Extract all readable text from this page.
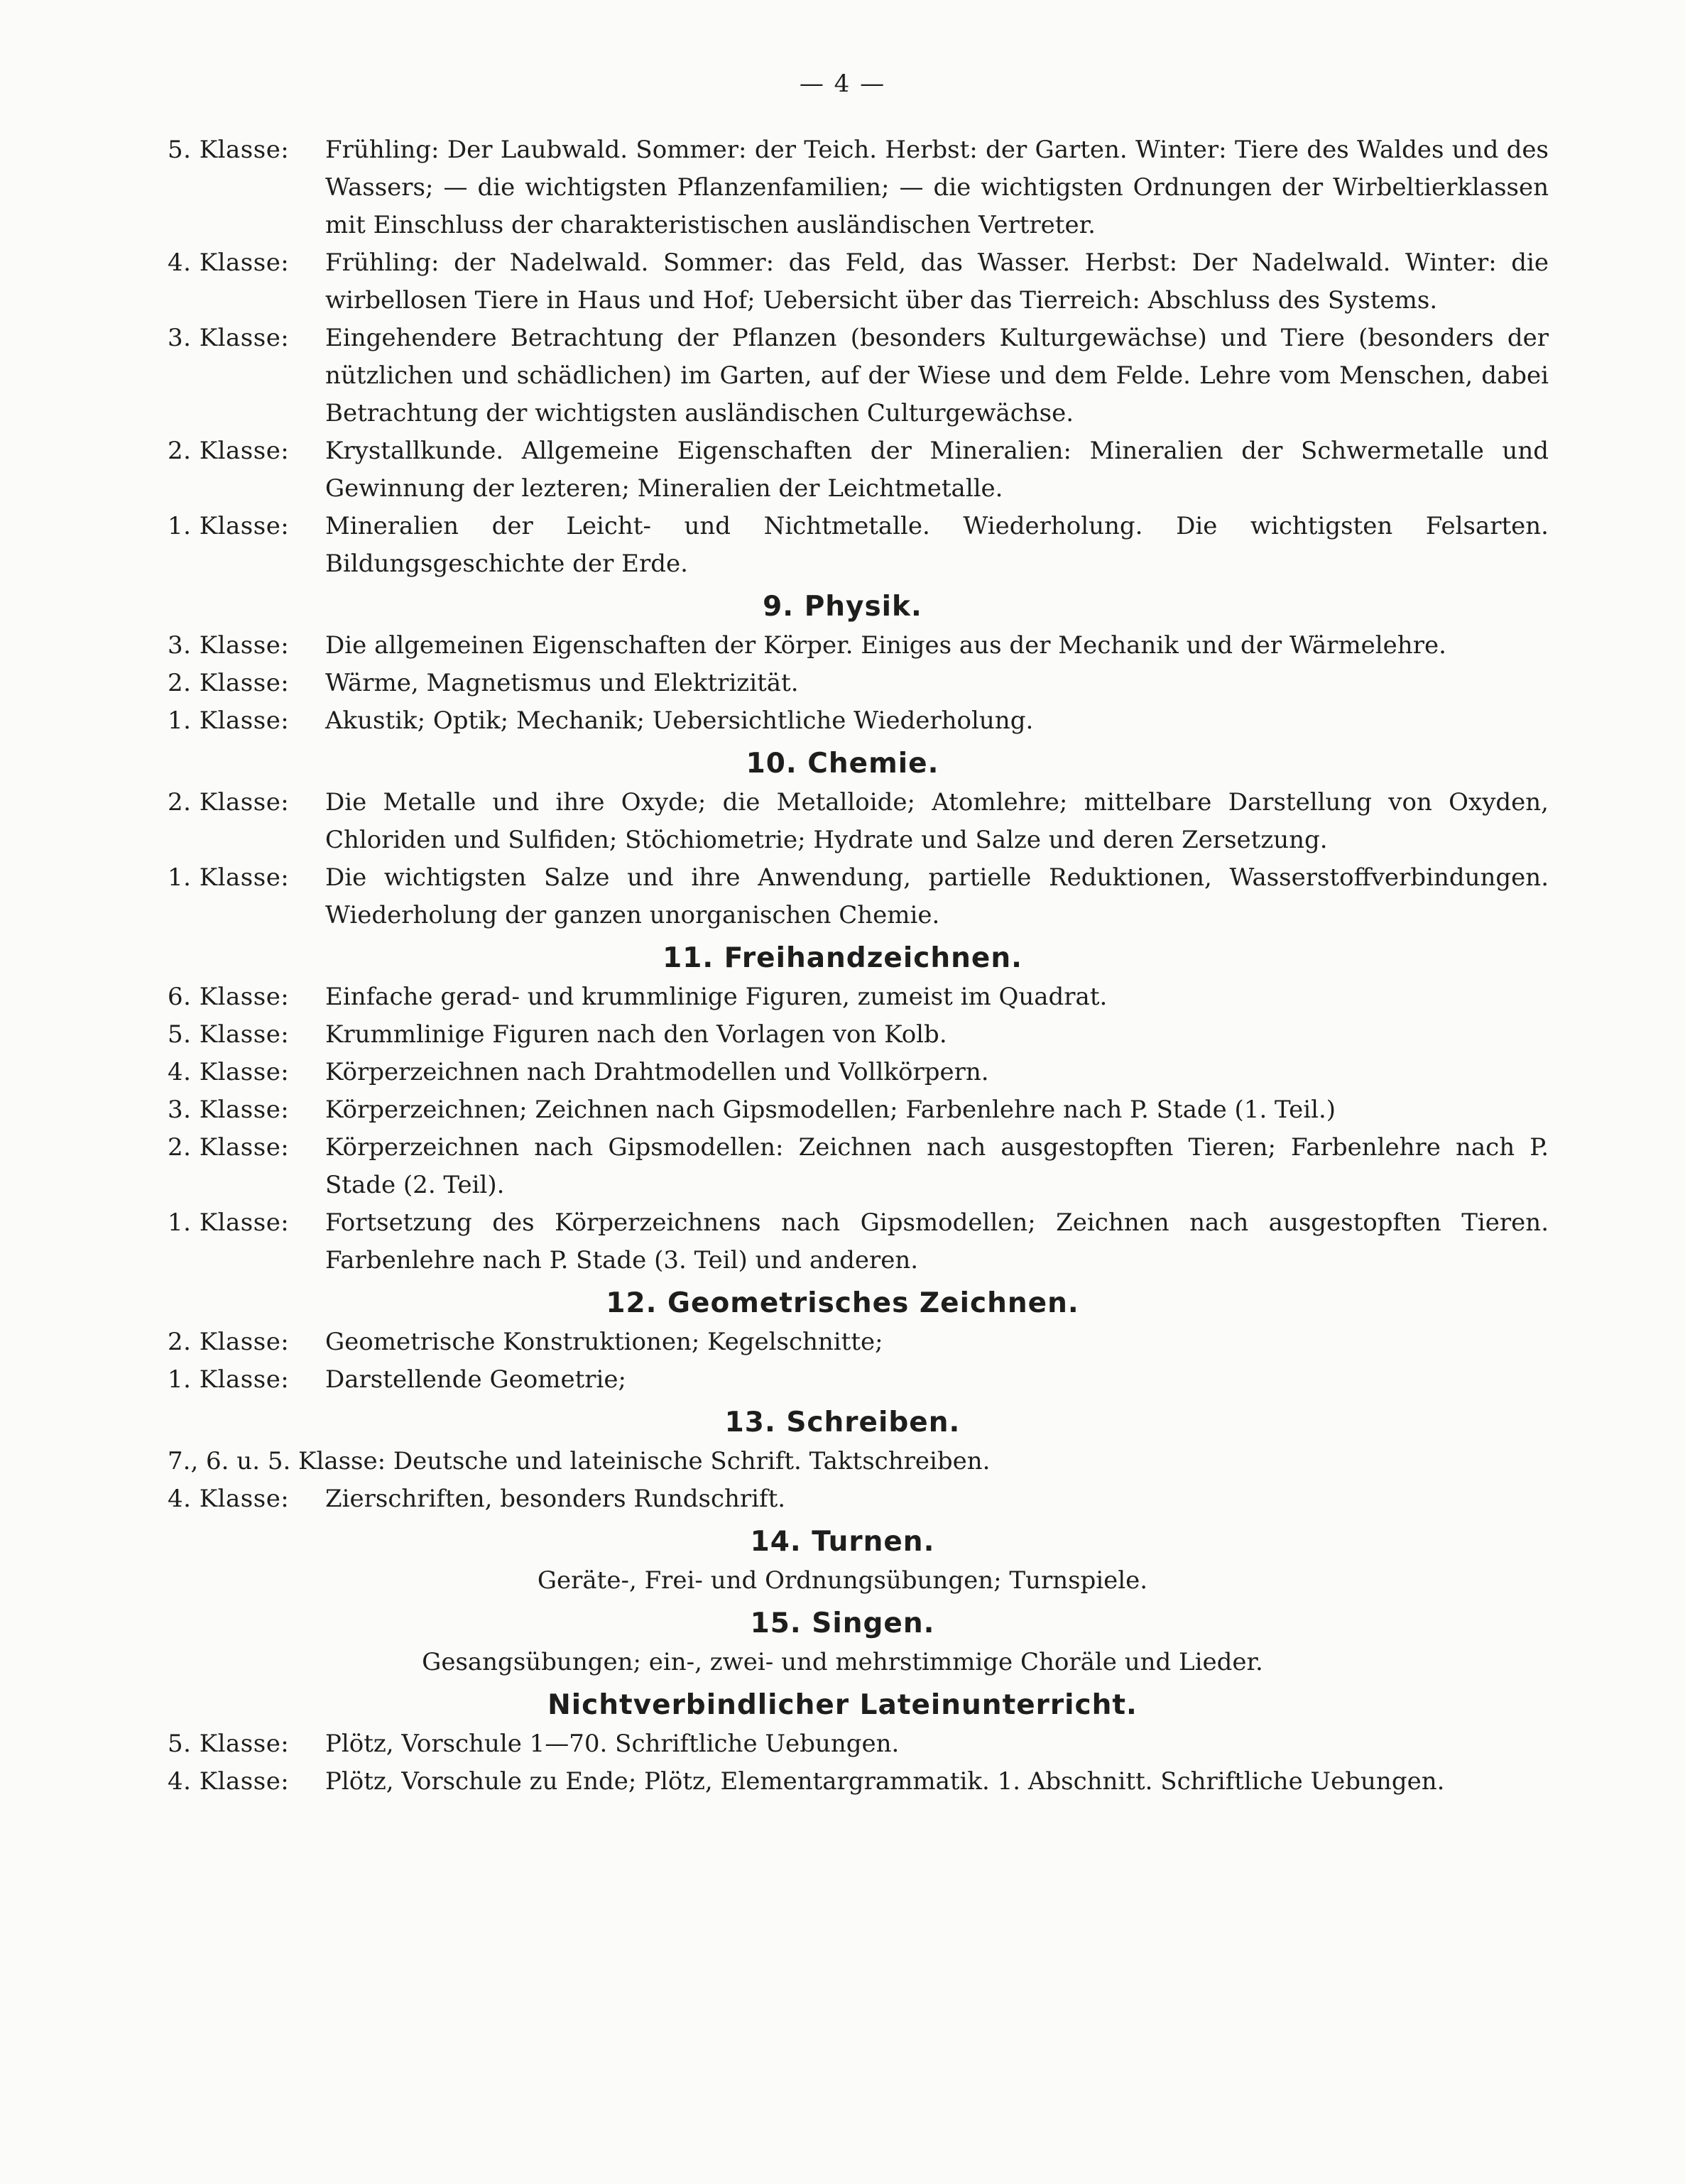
— 4 —
5. Klasse:	Frühling: Der Laubwald. Sommer: der Teich. Herbst: der Garten. Winter: Tiere des Waldes und des Wassers; — die wichtigsten Pflanzenfamilien; — die wichtigsten Ordnungen der Wirbeltierklassen mit Einschluss der charakteristischen ausländischen Vertreter.
4. Klasse:	Frühling: der Nadelwald. Sommer: das Feld, das Wasser. Herbst: Der Nadelwald. Winter: die wirbellosen Tiere in Haus und Hof; Uebersicht über das Tierreich: Abschluss des Systems.
3. Klasse:	Eingehendere Betrachtung der Pflanzen (besonders Kulturgewächse) und Tiere (besonders der nützlichen und schädlichen) im Garten, auf der Wiese und dem Felde. Lehre vom Menschen, dabei Betrachtung der wichtigsten ausländischen Culturgewächse.
2. Klasse:	Krystallkunde. Allgemeine Eigenschaften der Mineralien: Mineralien der Schwermetalle und Gewinnung der lezteren; Mineralien der Leichtmetalle.
1. Klasse:	Mineralien der Leicht- und Nichtmetalle. Wiederholung. Die wichtigsten Felsarten. Bildungsgeschichte der Erde.
9. Physik.
3. Klasse:	Die allgemeinen Eigenschaften der Körper. Einiges aus der Mechanik und der Wärmelehre.
2. Klasse:	Wärme, Magnetismus und Elektrizität.
1. Klasse:	Akustik; Optik; Mechanik; Uebersichtliche Wiederholung.
10. Chemie.
2. Klasse:	Die Metalle und ihre Oxyde; die Metalloide; Atomlehre; mittelbare Darstellung von Oxyden, Chloriden und Sulfiden; Stöchiometrie; Hydrate und Salze und deren Zersetzung.
1. Klasse:	Die wichtigsten Salze und ihre Anwendung, partielle Reduktionen, Wasserstoffverbindungen. Wiederholung der ganzen unorganischen Chemie.
11. Freihandzeichnen.
6. Klasse:	Einfache gerad- und krummlinige Figuren, zumeist im Quadrat.
5. Klasse:	Krummlinige Figuren nach den Vorlagen von Kolb.
4. Klasse:	Körperzeichnen nach Drahtmodellen und Vollkörpern.
3. Klasse:	Körperzeichnen; Zeichnen nach Gipsmodellen; Farbenlehre nach P. Stade (1. Teil.)
2. Klasse:	Körperzeichnen nach Gipsmodellen: Zeichnen nach ausgestopften Tieren; Farbenlehre nach P. Stade (2. Teil).
1. Klasse:	Fortsetzung des Körperzeichnens nach Gipsmodellen; Zeichnen nach ausgestopften Tieren. Farbenlehre nach P. Stade (3. Teil) und anderen.
12. Geometrisches Zeichnen.
2. Klasse:	Geometrische Konstruktionen; Kegelschnitte;
1. Klasse:	Darstellende Geometrie;
13. Schreiben.
7., 6. u. 5. Klasse: Deutsche und lateinische Schrift. Taktschreiben.
4. Klasse:	Zierschriften, besonders Rundschrift.
14. Turnen.
Geräte-, Frei- und Ordnungsübungen; Turnspiele.
15. Singen.
Gesangsübungen; ein-, zwei- und mehrstimmige Choräle und Lieder.
Nichtverbindlicher Lateinunterricht.
5. Klasse:	Plötz, Vorschule 1—70. Schriftliche Uebungen.
4. Klasse:	Plötz, Vorschule zu Ende; Plötz, Elementargrammatik. 1. Abschnitt. Schriftliche Uebungen.
